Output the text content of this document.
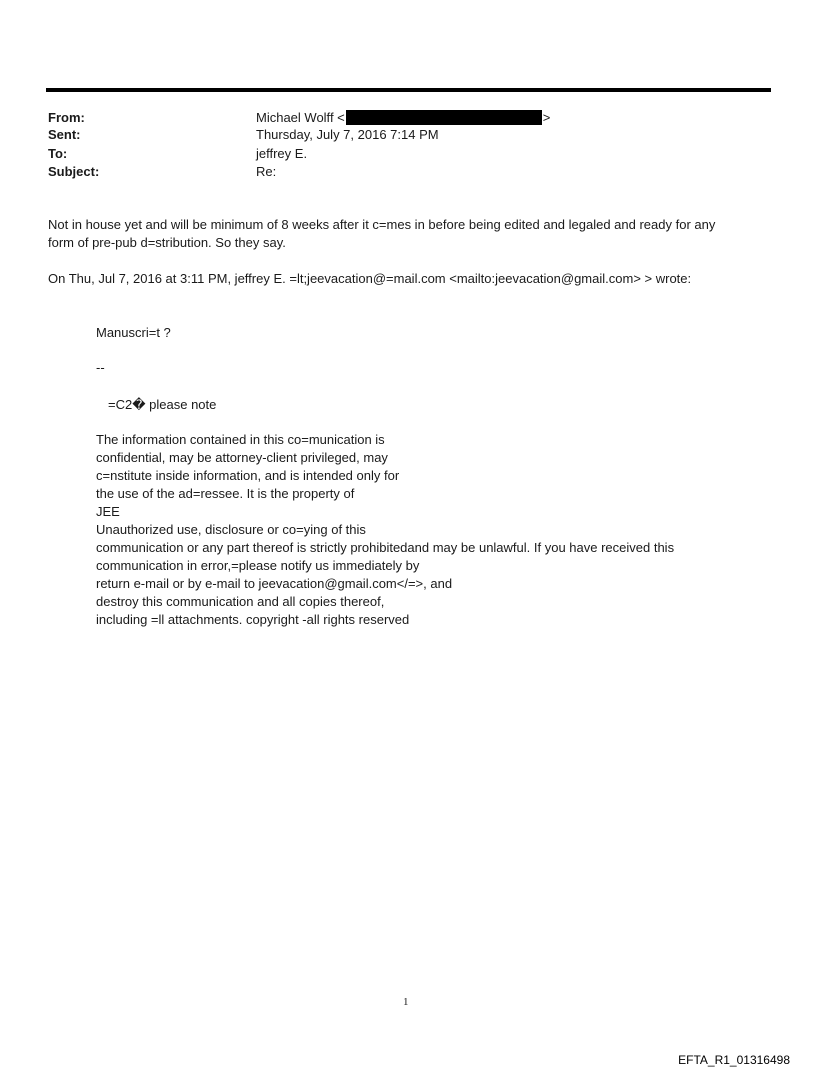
From:	Michael Wolff <	>
Sent:	Thursday, July 7, 2016 7:14 PM
To:	jeffrey E.
Subject:	Re:
Not in house yet and will be minimum of 8 weeks after it c=mes in before being edited and legaled and ready for any
form of pre-pub d=stribution. So they say.
On Thu, Jul 7, 2016 at 3:11 PM, jeffrey E. =lt;jeevacation@=mail.com <mailto:jeevacation@gmail.com> > wrote:
Manuscri=t ?
--
=C2� please note
The information contained in this co=munication is
confidential, may be attorney-client privileged, may
c=nstitute inside information, and is intended only for
the use of the ad=ressee. It is the property of
JEE
Unauthorized use, disclosure or co=ying of this
communication or any part thereof is strictly prohibitedand may be unlawful. If you have received this
communication in error,=please notify us immediately by
return e-mail or by e-mail to jeevacation@gmail.com</=>, and
destroy this communication and all copies thereof,
including =ll attachments. copyright -all rights reserved
1
EFTA_R1_01316498
